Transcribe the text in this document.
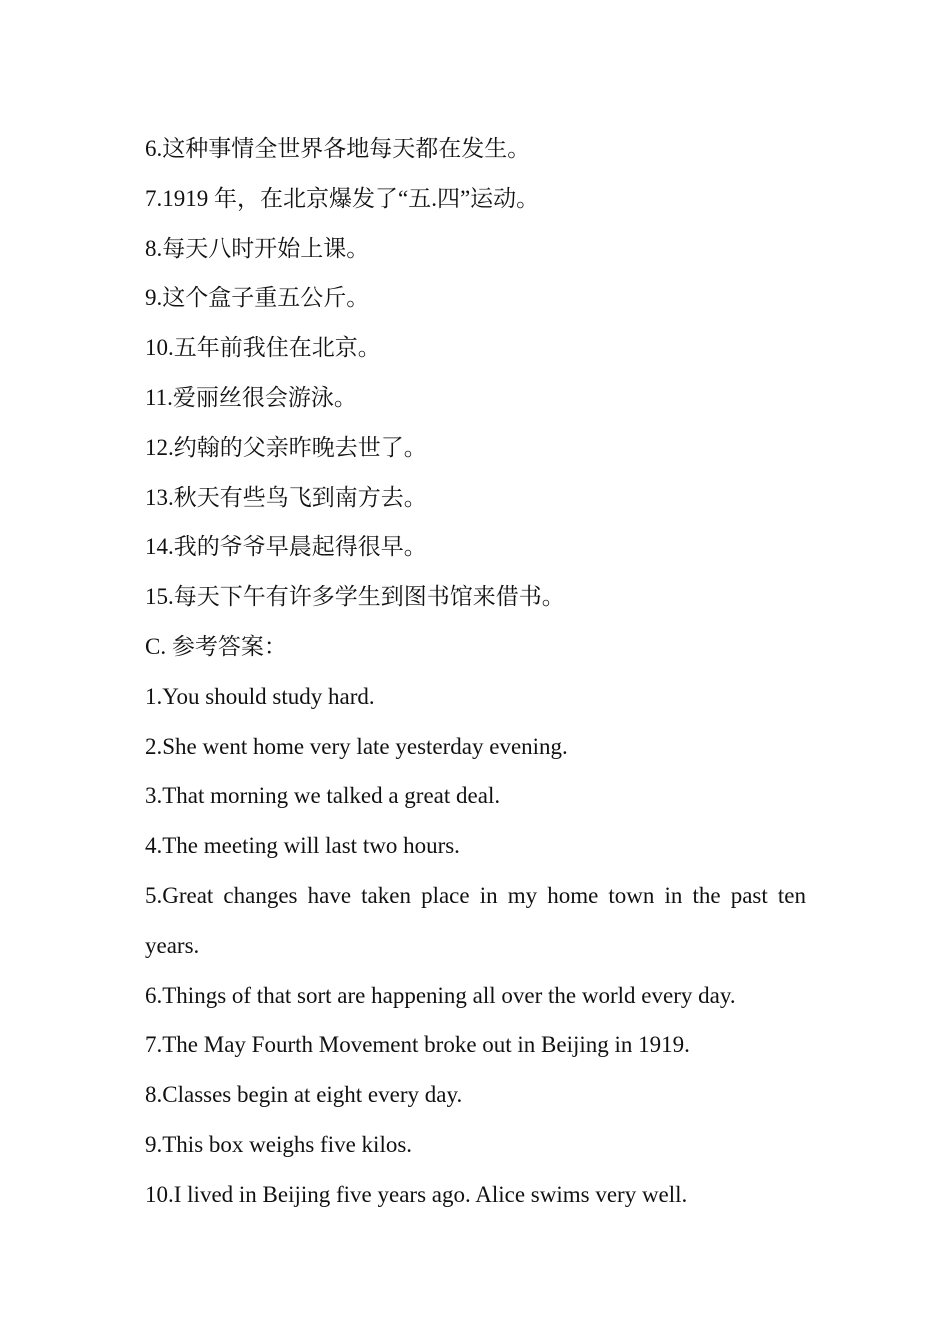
6.这种事情全世界各地每天都在发生。

7.1919 年，在北京爆发了“五.四”运动。

8.每天八时开始上课。

9.这个盒子重五公斤。

10.五年前我住在北京。

11.爱丽丝很会游泳。

12.约翰的父亲昨晚去世了。

13.秋天有些鸟飞到南方去。

14.我的爷爷早晨起得很早。

15.每天下午有许多学生到图书馆来借书。

C. 参考答案：

1.You should study hard.

2.She went home very late yesterday evening.

3.That morning we talked a great deal.

4.The meeting will last two hours.

5.Great changes have taken place in my home town in the past ten years.

6.Things of that sort are happening all over the world every day.

7.The May Fourth Movement broke out in Beijing in 1919.

8.Classes begin at eight every day.

9.This box weighs five kilos.

10.I lived in Beijing five years ago. Alice swims very well.
